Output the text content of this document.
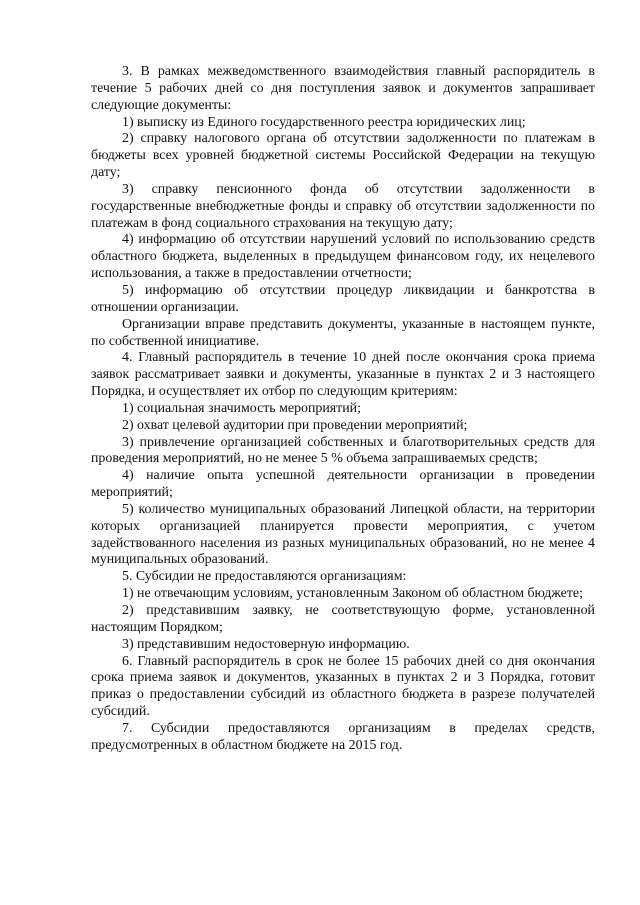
3. В рамках межведомственного взаимодействия главный распорядитель в течение 5 рабочих дней со дня поступления заявок и документов запрашивает следующие документы:

1) выписку из Единого государственного реестра юридических лиц;

2) справку налогового органа об отсутствии задолженности по платежам в бюджеты всех уровней бюджетной системы Российской Федерации на текущую дату;

3) справку пенсионного фонда об отсутствии задолженности в государственные внебюджетные фонды и справку об отсутствии задолженности по платежам в фонд социального страхования на текущую дату;

4) информацию об отсутствии нарушений условий по использованию средств областного бюджета, выделенных в предыдущем финансовом году, их нецелевого использования, а также в предоставлении отчетности;

5) информацию об отсутствии процедур ликвидации и банкротства в отношении организации.

Организации вправе представить документы, указанные в настоящем пункте, по собственной инициативе.

4. Главный распорядитель в течение 10 дней после окончания срока приема заявок рассматривает заявки и документы, указанные в пунктах 2 и 3 настоящего Порядка, и осуществляет их отбор по следующим критериям:

1) социальная значимость мероприятий;

2) охват целевой аудитории при проведении мероприятий;

3) привлечение организацией собственных и благотворительных средств для проведения мероприятий, но не менее 5 % объема запрашиваемых средств;

4) наличие опыта успешной деятельности организации в проведении мероприятий;

5) количество муниципальных образований Липецкой области, на территории которых организацией планируется провести мероприятия, с учетом задействованного населения из разных муниципальных образований, но не менее 4 муниципальных образований.

5. Субсидии не предоставляются организациям:

1) не отвечающим условиям, установленным Законом об областном бюджете;

2) представившим заявку, не соответствующую форме, установленной настоящим Порядком;

3) представившим недостоверную информацию.

6. Главный распорядитель в срок не более 15 рабочих дней со дня окончания срока приема заявок и документов, указанных в пунктах 2 и 3 Порядка, готовит приказ о предоставлении субсидий из областного бюджета в разрезе получателей субсидий.

7. Субсидии предоставляются организациям в пределах средств, предусмотренных в областном бюджете на 2015 год.
